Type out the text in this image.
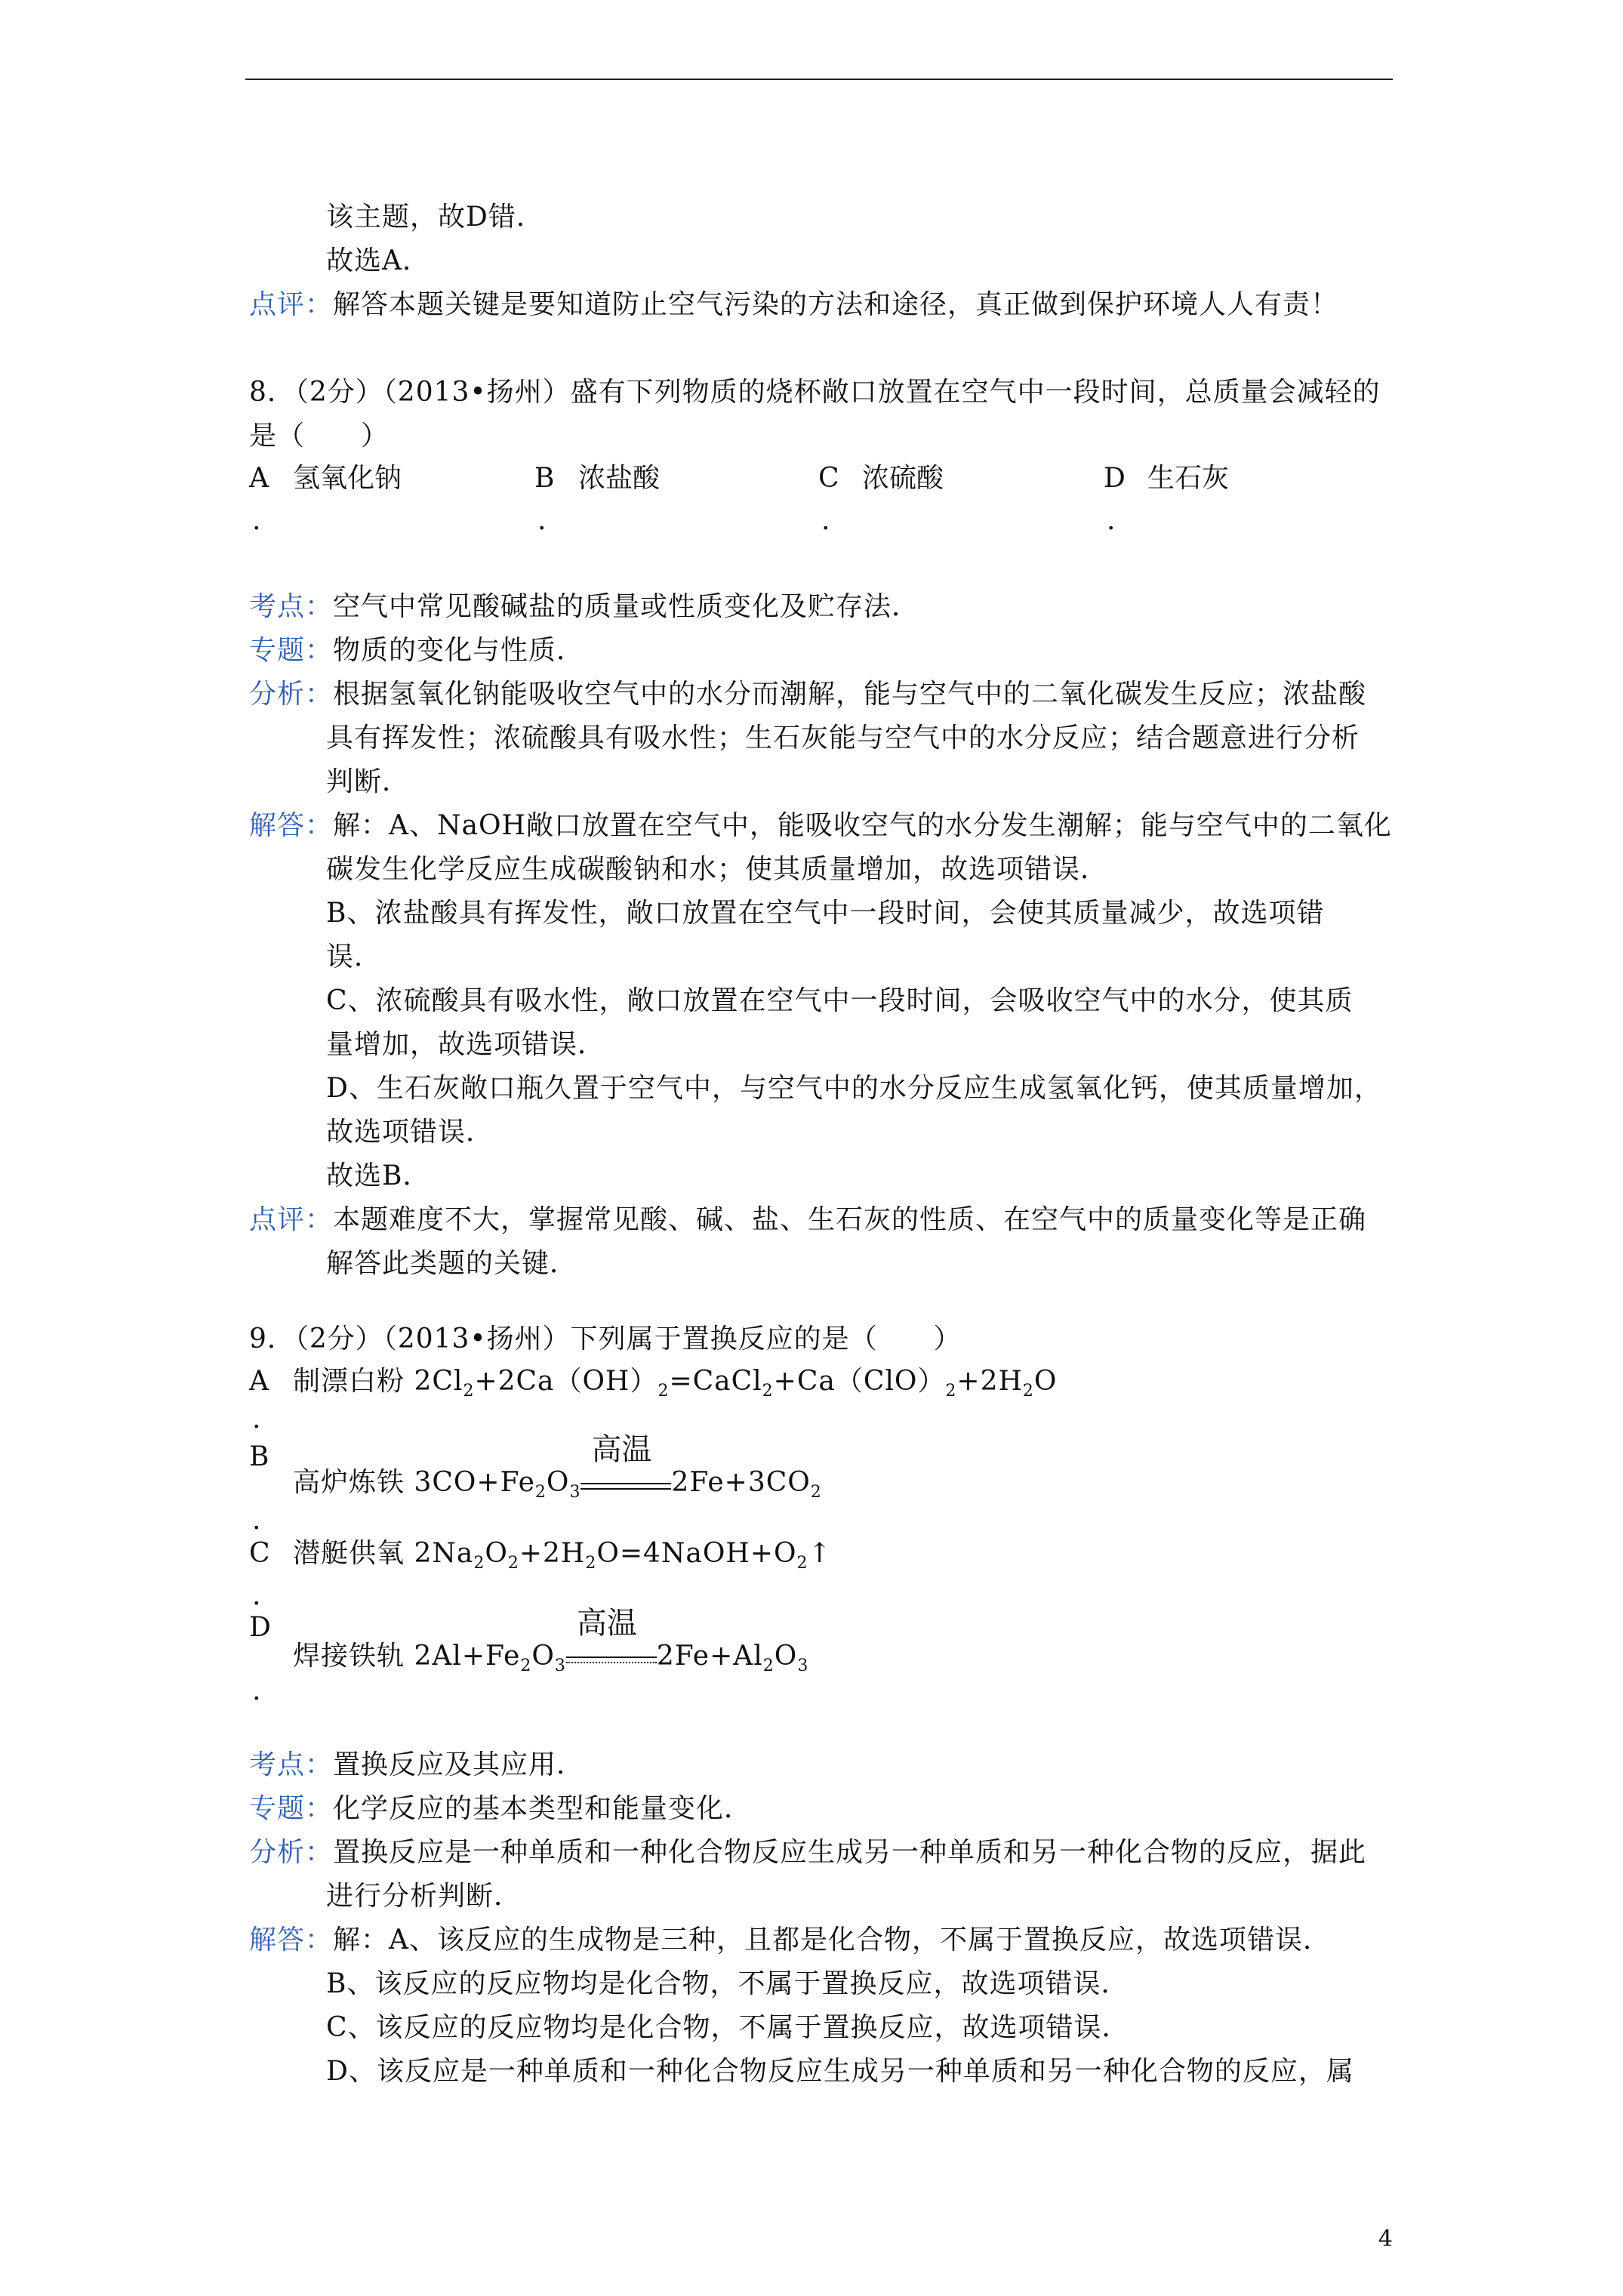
该主题，故D错．
故选A．
点评：解答本题关键是要知道防止空气污染的方法和途径，真正做到保护环境人人有责！
8．（2分）（2013•扬州）盛有下列物质的烧杯敞口放置在空气中一段时间，总质量会减轻的
是（　　）
A 氢氧化钠	B 浓盐酸	C 浓硫酸	D 生石灰
.	.	.	.
考点：空气中常见酸碱盐的质量或性质变化及贮存法．
专题：物质的变化与性质．
分析：根据氢氧化钠能吸收空气中的水分而潮解，能与空气中的二氧化碳发生反应；浓盐酸
具有挥发性；浓硫酸具有吸水性；生石灰能与空气中的水分反应；结合题意进行分析
判断．
解答：解：A、NaOH敞口放置在空气中，能吸收空气的水分发生潮解；能与空气中的二氧化
碳发生化学反应生成碳酸钠和水；使其质量增加，故选项错误．
B、浓盐酸具有挥发性，敞口放置在空气中一段时间，会使其质量减少，故选项错
误．
C、浓硫酸具有吸水性，敞口放置在空气中一段时间，会吸收空气中的水分，使其质
量增加，故选项错误．
D、生石灰敞口瓶久置于空气中，与空气中的水分反应生成氢氧化钙，使其质量增加，
故选项错误．
故选B．
点评：本题难度不大，掌握常见酸、碱、盐、生石灰的性质、在空气中的质量变化等是正确
解答此类题的关键．
9．（2分）（2013•扬州）下列属于置换反应的是（　　）
A 制漂白粉 $2Cl_2+2Ca(OH)_2=CaCl_2+Ca(ClO)_2+2H_2O$
.
B
高炉炼铁 $3CO+Fe_2O_3$
高温
$2Fe+3CO_2$
.
C 潜艇供氧 $2Na_2O_2+2H_2O=4NaOH+O_2↑$
.
D
焊接铁轨 $2Al+Fe_2O_3$
高温
$2Fe+Al_2O_3$
.
考点：置换反应及其应用．
专题：化学反应的基本类型和能量变化．
分析：置换反应是一种单质和一种化合物反应生成另一种单质和另一种化合物的反应，据此
进行分析判断．
解答：解：A、该反应的生成物是三种，且都是化合物，不属于置换反应，故选项错误．
B、该反应的反应物均是化合物，不属于置换反应，故选项错误．
C、该反应的反应物均是化合物，不属于置换反应，故选项错误．
D、该反应是一种单质和一种化合物反应生成另一种单质和另一种化合物的反应，属
4
